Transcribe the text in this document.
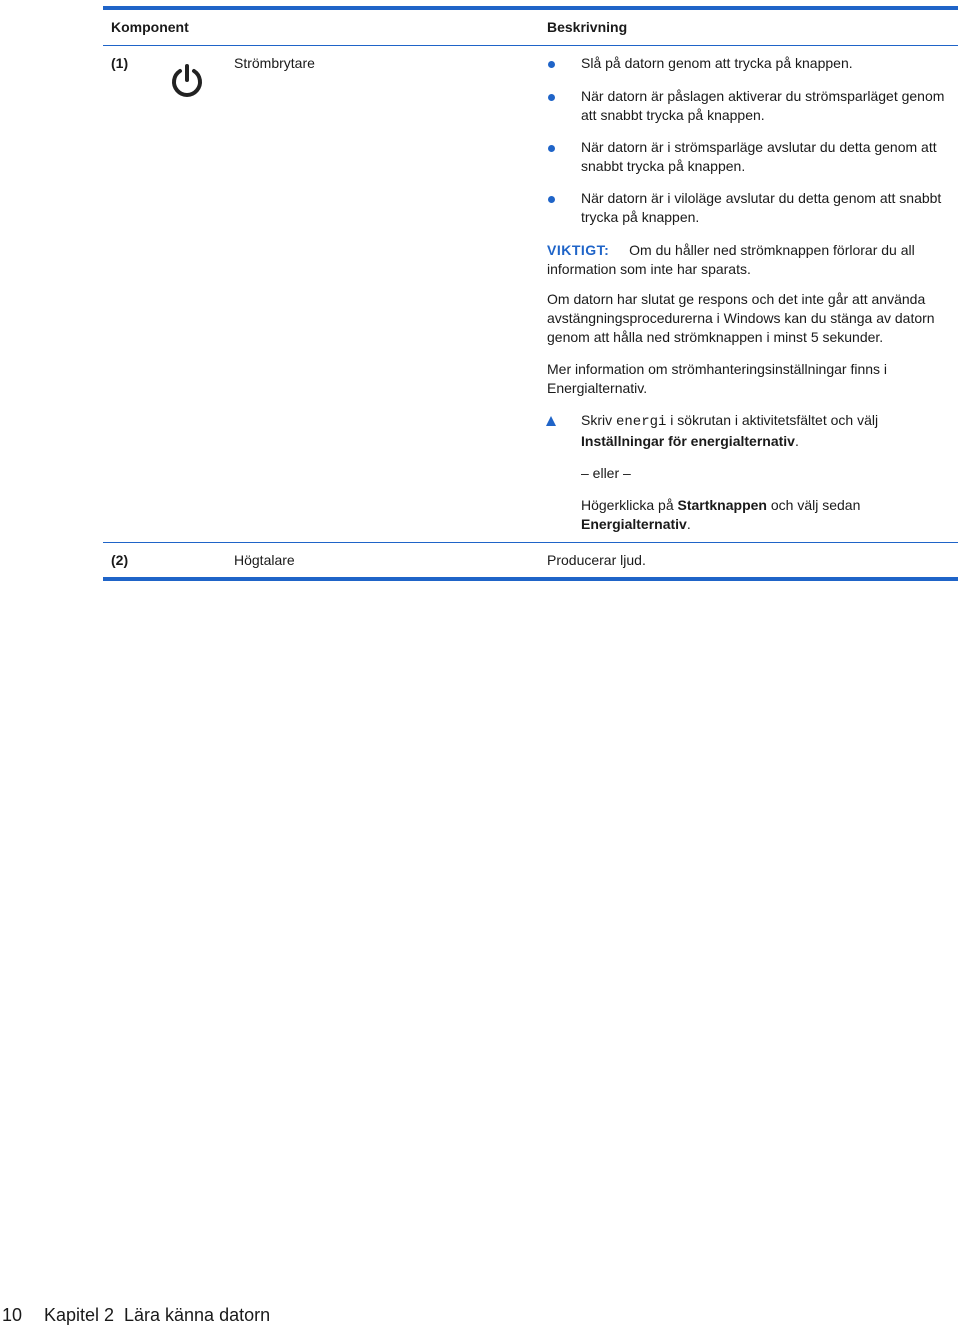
Komponent	Beskrivning
(1)	Strömbrytare	Slå på datorn genom att trycka på knappen.
När datorn är påslagen aktiverar du strömsparläget genom att snabbt trycka på knappen.
När datorn är i strömsparläge avslutar du detta genom att snabbt trycka på knappen.
När datorn är i viloläge avslutar du detta genom att snabbt trycka på knappen.
VIKTIGT: Om du håller ned strömknappen förlorar du all
information som inte har sparats.
Om datorn har slutat ge respons och det inte går att använda avstängningsprocedurerna i Windows kan du stänga av datorn genom att hålla ned strömknappen i minst 5 sekunder.
Mer information om strömhanteringsinställningar finns i Energialternativ.
Skriv energi i sökrutan i aktivitetsfältet och välj
Inställningar för energialternativ.
– eller –
Högerklicka på Startknappen och välj sedan
Energialternativ.
(2)	Högtalare	Producerar ljud.
10 Kapitel 2 Lära känna datorn
